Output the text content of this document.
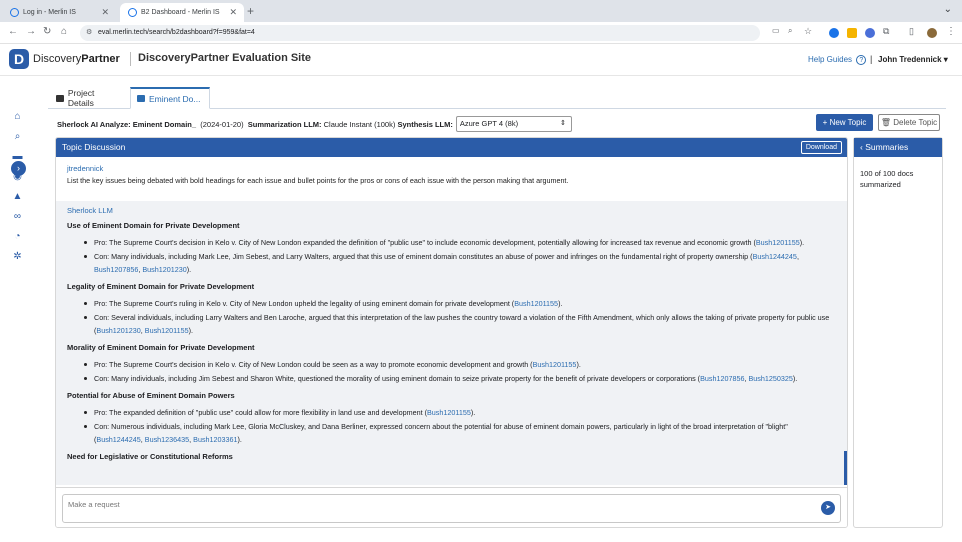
Log in - Merlin IS	✕	B2 Dashboard - Merlin IS ✕ +	⌄
← → ↻ ⌂	⚙ eval.merlin.tech/search/b2dashboard?f=959&fat=4	▭ ⌕ ☆	⧉ ▯	⋮
D DiscoveryPartner	DiscoveryPartner Evaluation Site	Help Guides ? | John Tredennick ▾
›
⌂
⌕
▬
◉
▲
∞
◔
✲
Project Details	Eminent Do...
Sherlock AI Analyze: Eminent Domain_
(2024-01-20)
Summarization LLM:
Claude Instant (100k)
Synthesis LLM: Azure GPT 4 (8k)	⇕	+ New Topic	🗑 Delete Topic
Topic Discussion	Download
jtredennick
List the key issues being debated with bold headings for each issue and bullet points for the pros or cons of each issue with the person making that argument.
Sherlock LLM
Use of Eminent Domain for Private Development
Pro: The Supreme Court's decision in Kelo v. City of New London expanded the definition of "public use" to include economic development, potentially allowing for increased tax revenue and economic growth (Bush1201155).
Con: Many individuals, including Mark Lee, Jim Sebest, and Larry Walters, argued that this use of eminent domain constitutes an abuse of power and infringes on the fundamental right of property ownership (Bush1244245, Bush1207856, Bush1201230).
Legality of Eminent Domain for Private Development
Pro: The Supreme Court's ruling in Kelo v. City of New London upheld the legality of using eminent domain for private development (Bush1201155).
Con: Several individuals, including Larry Walters and Ben Laroche, argued that this interpretation of the law pushes the country toward a violation of the Fifth Amendment, which only allows the taking of private property for public use (Bush1201230, Bush1201155).
Morality of Eminent Domain for Private Development
Pro: The Supreme Court's decision in Kelo v. City of New London could be seen as a way to promote economic development and growth (Bush1201155).
Con: Many individuals, including Jim Sebest and Sharon White, questioned the morality of using eminent domain to seize private property for the benefit of private developers or corporations (Bush1207856, Bush1250325).
Potential for Abuse of Eminent Domain Powers
Pro: The expanded definition of "public use" could allow for more flexibility in land use and development (Bush1201155).
Con: Numerous individuals, including Mark Lee, Gloria McCluskey, and Dana Berliner, expressed concern about the potential for abuse of eminent domain powers, particularly in light of the broad interpretation of "blight" (Bush1244245, Bush1236435, Bush1203361).
Need for Legislative or Constitutional Reforms
Make a request	➤
‹ Summaries
100 of 100 docs summarized
